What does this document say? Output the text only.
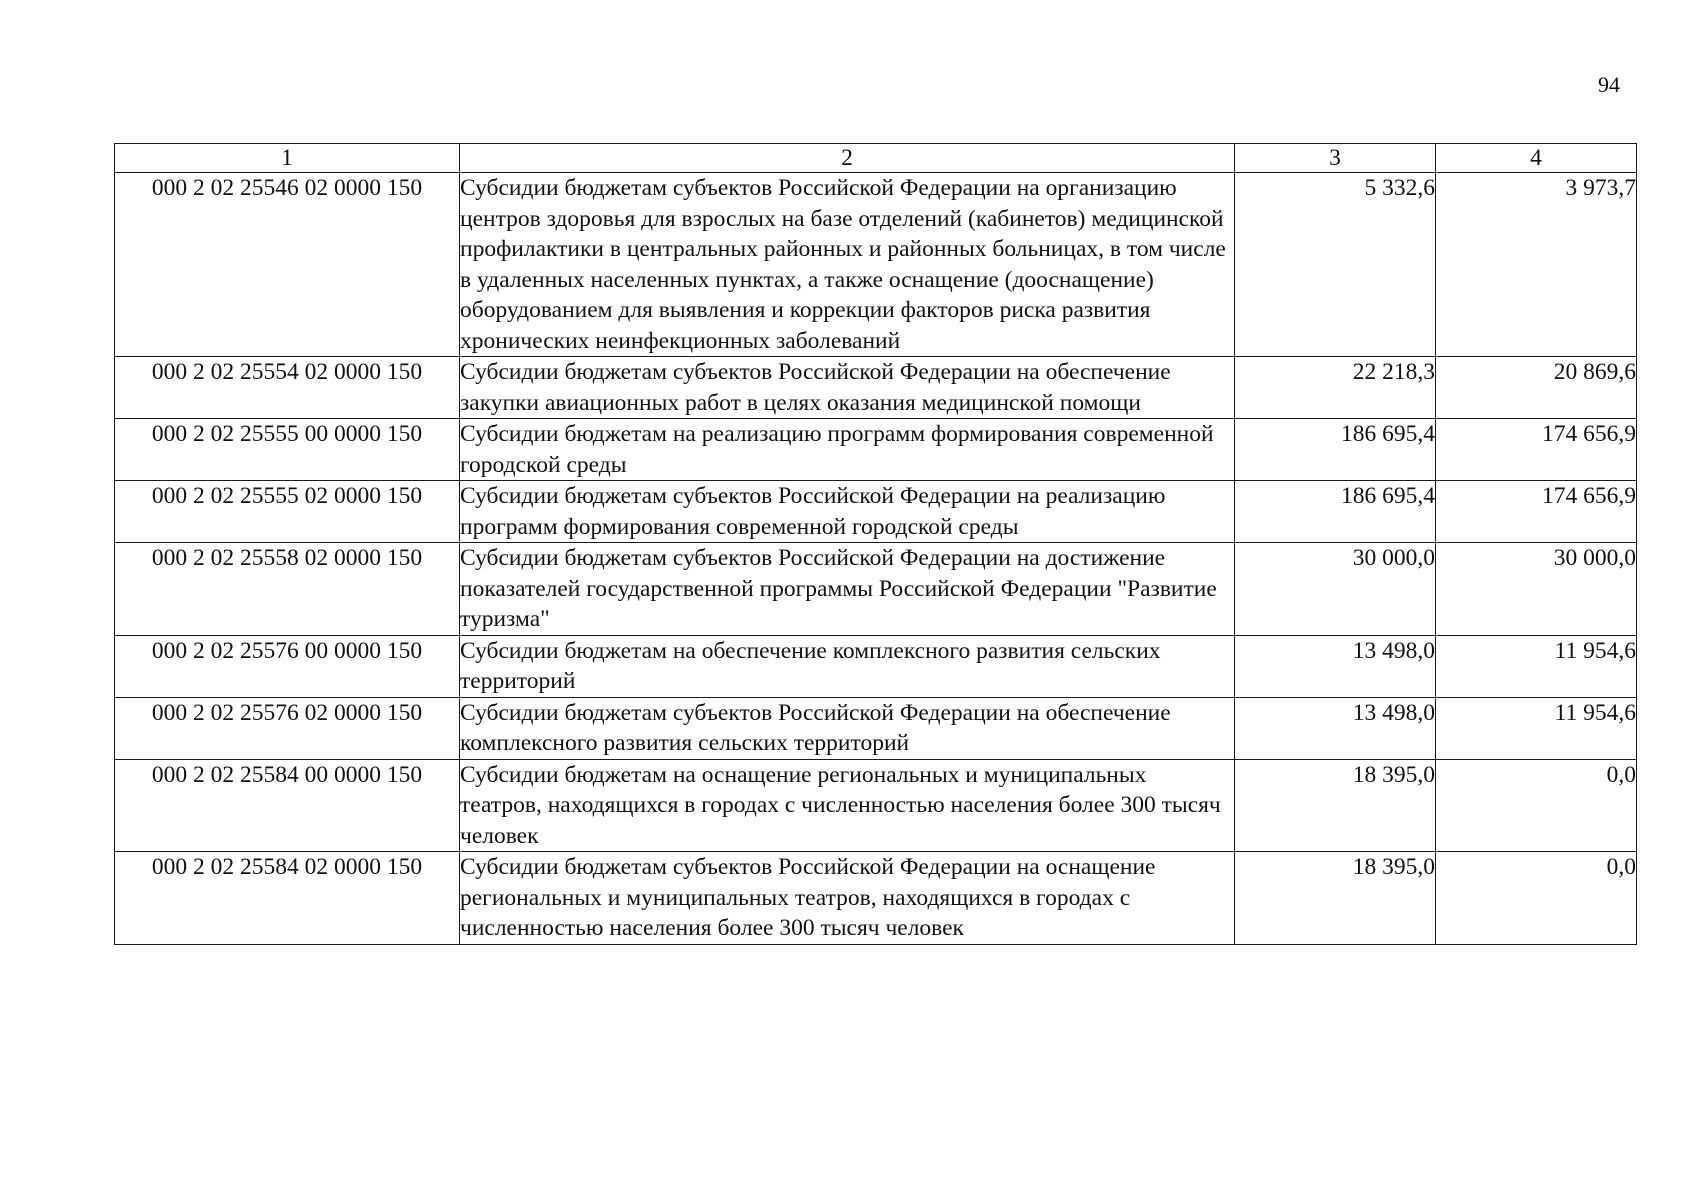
94
1	2	3	4
000 2 02 25546 02 0000 150	Субсидии бюджетам субъектов Российской Федерации на организацию центров здоровья для взрослых на базе отделений (кабинетов) медицинской профилактики в центральных районных и районных больницах, в том числе в удаленных населенных пунктах, а также оснащение (дооснащение) оборудованием для выявления и коррекции факторов риска развития хронических неинфекционных заболеваний	5 332,6	3 973,7
000 2 02 25554 02 0000 150	Субсидии бюджетам субъектов Российской Федерации на обеспечение закупки авиационных работ в целях оказания медицинской помощи	22 218,3	20 869,6
000 2 02 25555 00 0000 150	Субсидии бюджетам на реализацию программ формирования современной городской среды	186 695,4	174 656,9
000 2 02 25555 02 0000 150	Субсидии бюджетам субъектов Российской Федерации на реализацию программ формирования современной городской среды	186 695,4	174 656,9
000 2 02 25558 02 0000 150	Субсидии бюджетам субъектов Российской Федерации на достижение показателей государственной программы Российской Федерации "Развитие туризма"	30 000,0	30 000,0
000 2 02 25576 00 0000 150	Субсидии бюджетам на обеспечение комплексного развития сельских территорий	13 498,0	11 954,6
000 2 02 25576 02 0000 150	Субсидии бюджетам субъектов Российской Федерации на обеспечение комплексного развития сельских территорий	13 498,0	11 954,6
000 2 02 25584 00 0000 150	Субсидии бюджетам на оснащение региональных и муниципальных театров, находящихся в городах с численностью населения более 300 тысяч человек	18 395,0	0,0
000 2 02 25584 02 0000 150	Субсидии бюджетам субъектов Российской Федерации на оснащение региональных и муниципальных театров, находящихся в городах с численностью населения более 300 тысяч человек	18 395,0	0,0
